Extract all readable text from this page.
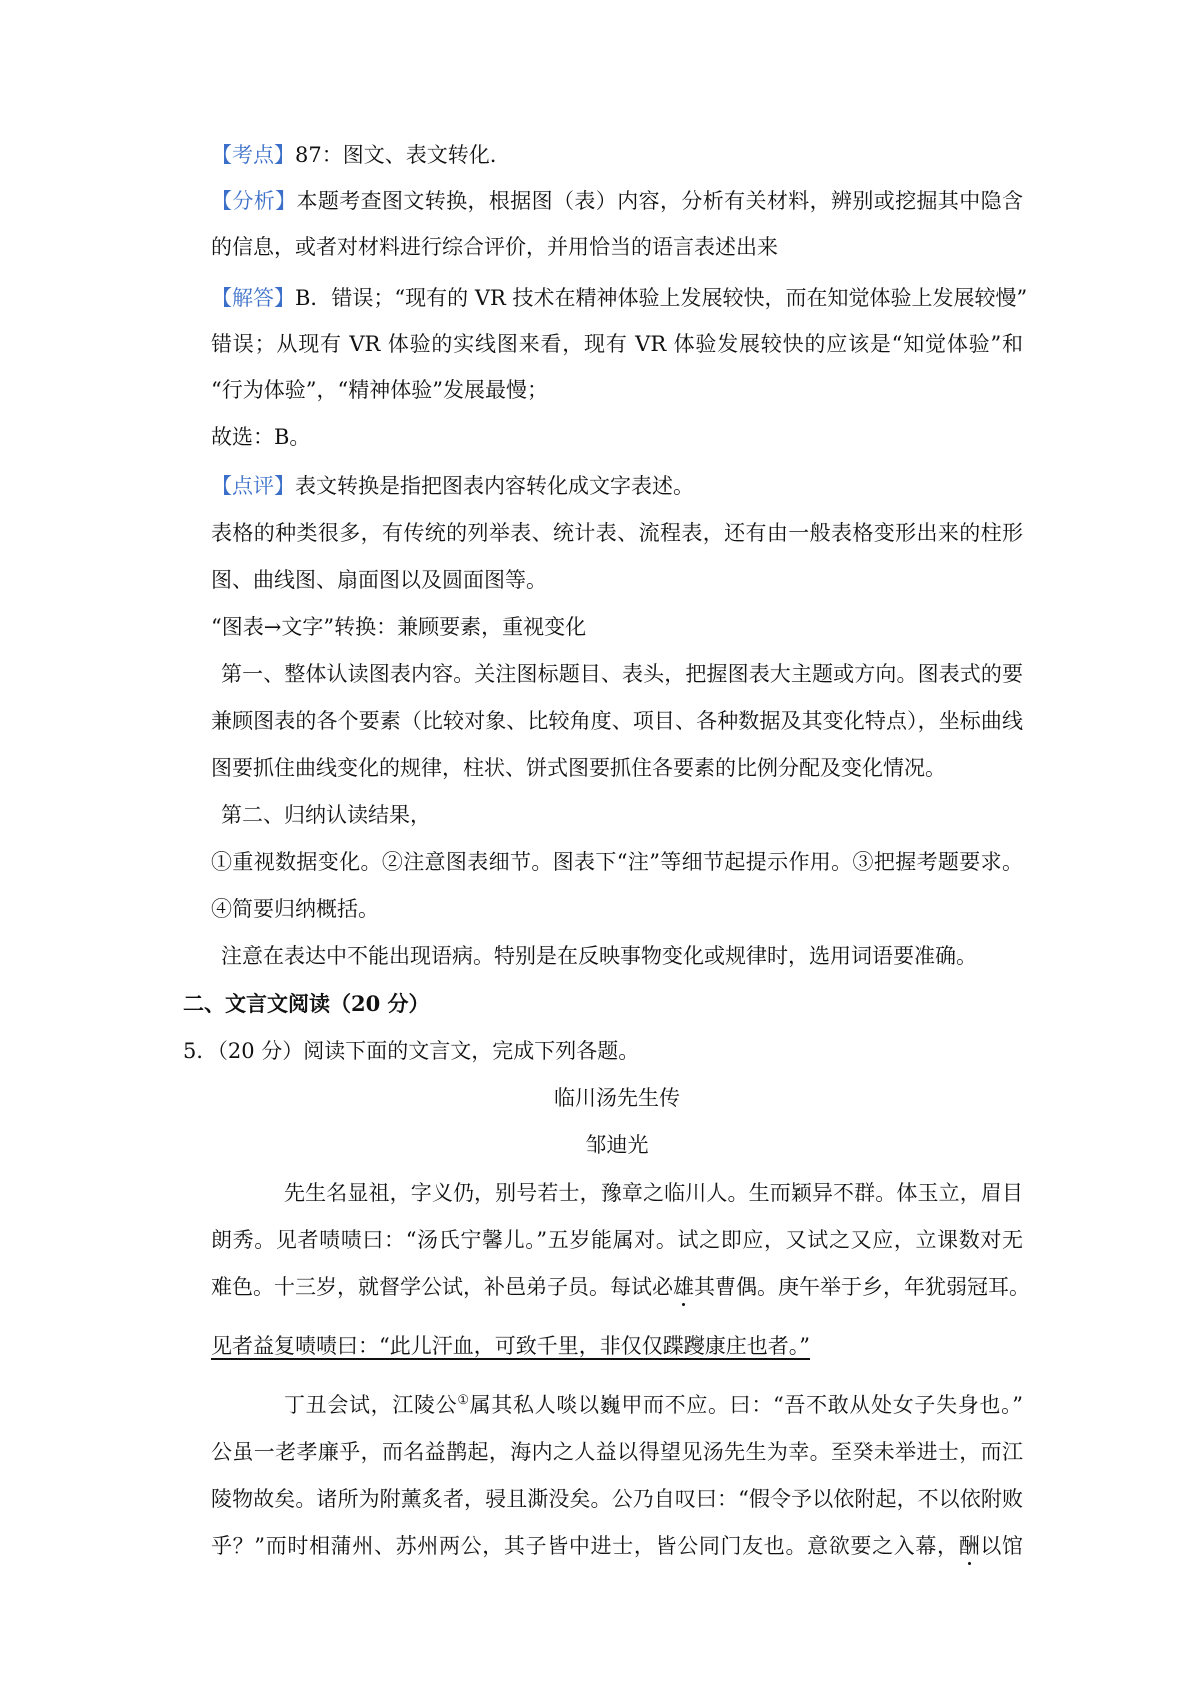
【考点】87：图文、表文转化.
【分析】本题考查图文转换，根据图（表）内容，分析有关材料，辨别或挖掘其中隐含
的信息，或者对材料进行综合评价，并用恰当的语言表述出来
【解答】B．错误；“现有的 VR 技术在精神体验上发展较快，而在知觉体验上发展较慢”
错误；从现有 VR 体验的实线图来看，现有 VR 体验发展较快的应该是“知觉体验”和
“行为体验”，“精神体验”发展最慢；
故选：B。
【点评】表文转换是指把图表内容转化成文字表述。
表格的种类很多，有传统的列举表、统计表、流程表，还有由一般表格变形出来的柱形
图、曲线图、扇面图以及圆面图等。
“图表→文字”转换：兼顾要素，重视变化
第一、整体认读图表内容。关注图标题目、表头，把握图表大主题或方向。图表式的要
兼顾图表的各个要素（比较对象、比较角度、项目、各种数据及其变化特点），坐标曲线
图要抓住曲线变化的规律，柱状、饼式图要抓住各要素的比例分配及变化情况。
第二、归纳认读结果，
①重视数据变化。②注意图表细节。图表下“注”等细节起提示作用。③把握考题要求。
④简要归纳概括。
注意在表达中不能出现语病。特别是在反映事物变化或规律时，选用词语要准确。
二、文言文阅读（20 分）
5．（20 分）阅读下面的文言文，完成下列各题。
临川汤先生传
邹迪光
先生名显祖，字义仍，别号若士，豫章之临川人。生而颖异不群。体玉立，眉目
朗秀。见者啧啧曰：“汤氏宁馨儿。”五岁能属对。试之即应，又试之又应，立课数对无
难色。十三岁，就督学公试，补邑弟子员。每试必雄其曹偶。庚午举于乡，年犹弱冠耳。
见者益复啧啧曰：“此儿汗血，可致千里，非仅仅蹀躞康庄也者。”
丁丑会试，江陵公①属其私人啖以巍甲而不应。曰：“吾不敢从处女子失身也。”
公虽一老孝廉乎，而名益鹊起，海内之人益以得望见汤先生为幸。至癸未举进士，而江
陵物故矣。诸所为附薰炙者，骎且澌没矣。公乃自叹曰：“假令予以依附起，不以依附败
乎？”而时相蒲州、苏州两公，其子皆中进士，皆公同门友也。意欲要之入幕，酬以馆
